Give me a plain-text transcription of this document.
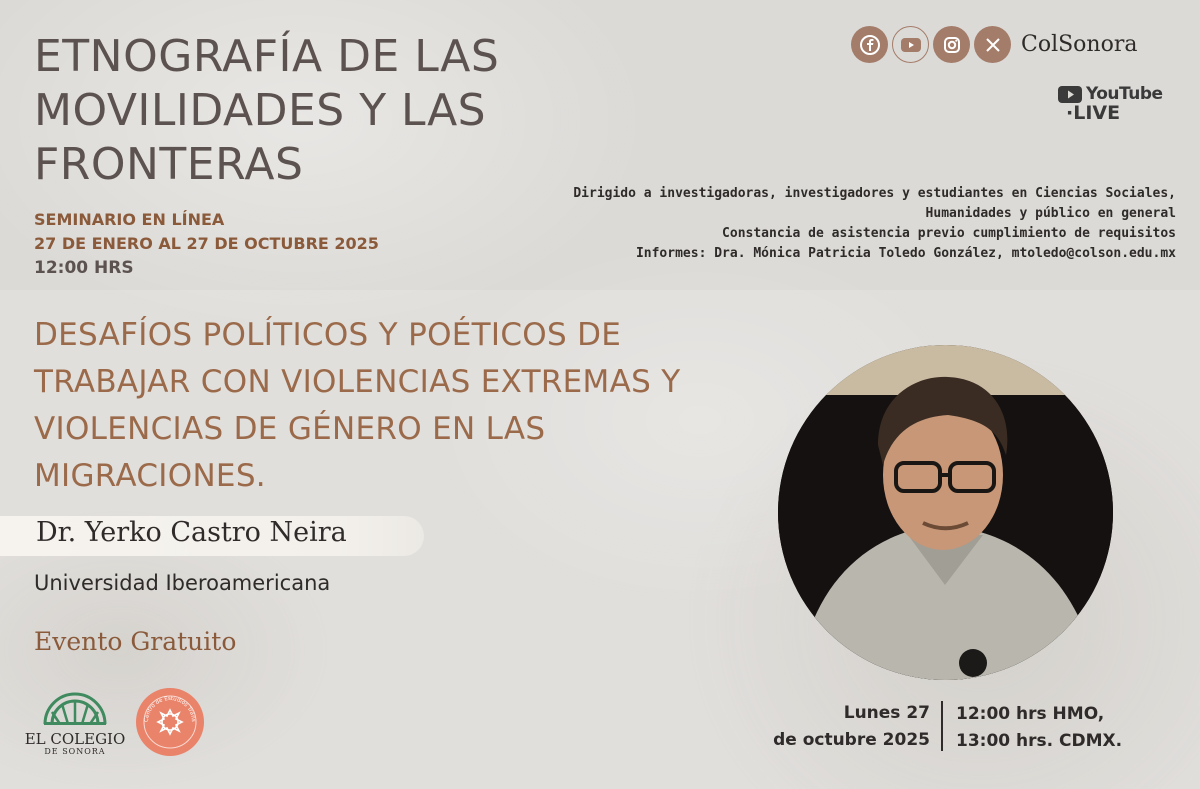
ETNOGRAFÍA DE LAS
MOVILIDADES Y LAS
FRONTERAS
SEMINARIO EN LÍNEA
27 DE ENERO AL 27 DE OCTUBRE 2025
12:00 HRS
ColSonora
YouTube
·LIVE
Dirigido a investigadoras, investigadores y estudiantes en Ciencias Sociales,
Humanidades y público en general
Constancia de asistencia previo cumplimiento de requisitos
Informes: Dra. Mónica Patricia Toledo González, mtoledo@colson.edu.mx
DESAFÍOS POLÍTICOS Y POÉTICOS DE
TRABAJAR CON VIOLENCIAS EXTREMAS Y
VIOLENCIAS DE GÉNERO EN LAS
MIGRACIONES.
Dr. Yerko Castro Neira
Universidad Iberoamericana
Evento Gratuito
EL COLEGIO
DE SONORA
Centro de Estudios Trans	Lunes 27
de octubre 2025
12:00 hrs HMO,
13:00 hrs. CDMX.
